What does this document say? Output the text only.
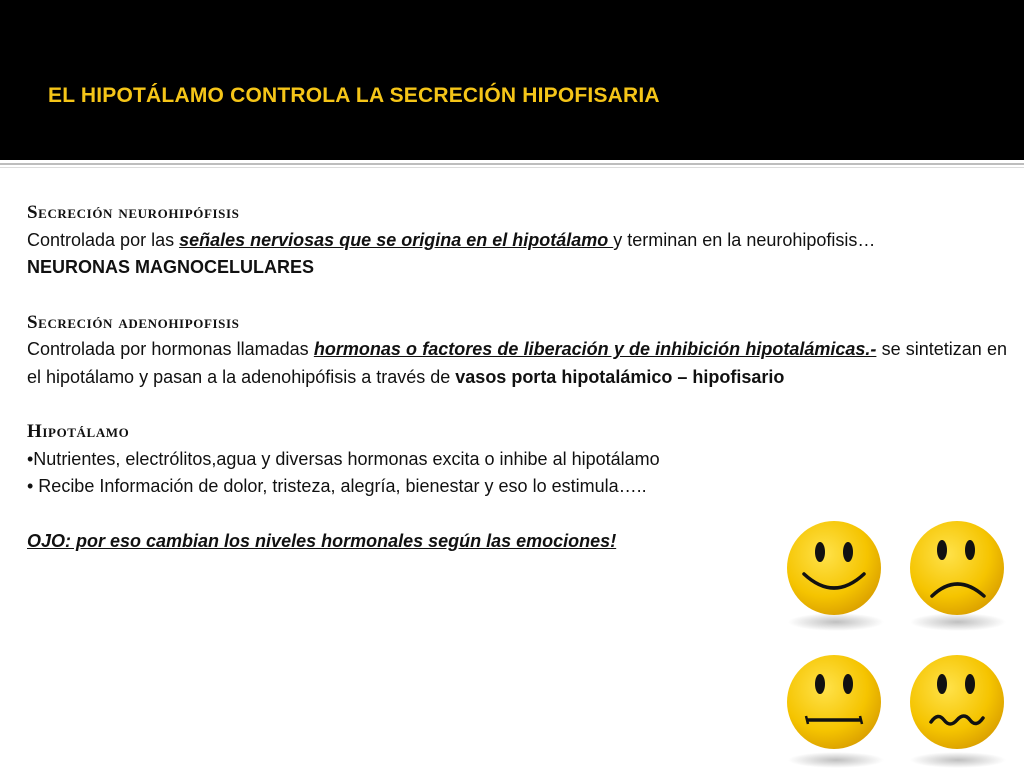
EL HIPOTÁLAMO CONTROLA LA SECRECIÓN HIPOFISARIA
Secreción neurohipófisis
Controlada por las señales nerviosas que se origina en el hipotálamo y terminan en la neurohipofisis…
NEURONAS MAGNOCELULARES
Secreción adenohipofisis
Controlada por hormonas llamadas hormonas o factores de liberación y de inhibición hipotalámicas.- se sintetizan en el hipotálamo y pasan a la adenohipófisis a través de vasos porta hipotalámico – hipofisario
Hipotálamo
•Nutrientes, electrólitos,agua y diversas hormonas excita o inhibe al hipotálamo
• Recibe Información de dolor, tristeza, alegría, bienestar y eso lo estimula…..
OJO: por eso cambian los niveles hormonales según las emociones!
